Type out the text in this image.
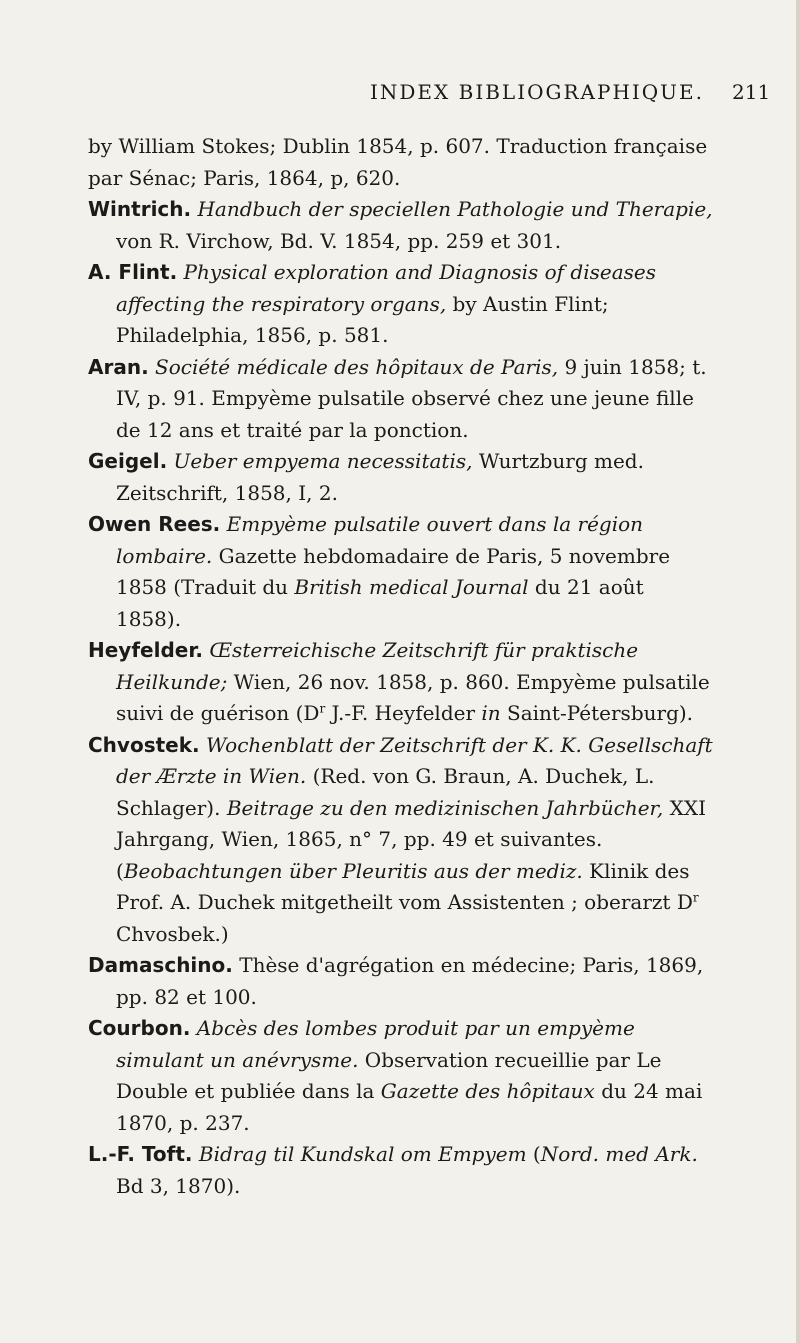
INDEX BIBLIOGRAPHIQUE. 211

by William Stokes; Dublin 1854, p. 607. Traduction française par Sénac; Paris, 1864, p, 620.

Wintrich. Handbuch der speciellen Pathologie und Therapie, von R. Virchow, Bd. V. 1854, pp. 259 et 301.

A. Flint. Physical exploration and Diagnosis of diseases affecting the respiratory organs, by Austin Flint; Philadelphia, 1856, p. 581.

Aran. Société médicale des hôpitaux de Paris, 9 juin 1858; t. IV, p. 91. Empyème pulsatile observé chez une jeune fille de 12 ans et traité par la ponction.

Geigel. Ueber empyema necessitatis, Wurtzburg med. Zeitschrift, 1858, I, 2.

Owen Rees. Empyème pulsatile ouvert dans la région lombaire. Gazette hebdomadaire de Paris, 5 novembre 1858 (Traduit du British medical Journal du 21 août 1858).

Heyfelder. Œsterreichische Zeitschrift für praktische Heilkunde; Wien, 26 nov. 1858, p. 860. Empyème pulsatile suivi de guérison ($D^r$ J.-F. Heyfelder in Saint-Pétersburg).

Chvostek. Wochenblatt der Zeitschrift der K. K. Gesellschaft der Ærzte in Wien. (Red. von G. Braun, A. Duchek, L. Schlager). Beitrage zu den medizinischen Jahrbücher, XXI Jahrgang, Wien, 1865, n° 7, pp. 49 et suivantes. (Beobachtungen über Pleuritis aus der mediz. Klinik des Prof. A. Duchek mitgetheilt vom Assistenten ; oberarzt $D^r$ Chvosbek.)

Damaschino. Thèse d'agrégation en médecine; Paris, 1869, pp. 82 et 100.

Courbon. Abcès des lombes produit par un empyème simulant un anévrysme. Observation recueillie par Le Double et publiée dans la Gazette des hôpitaux du 24 mai 1870, p. 237.

L.-F. Toft. Bidrag til Kundskal om Empyem (Nord. med Ark. Bd 3, 1870).
